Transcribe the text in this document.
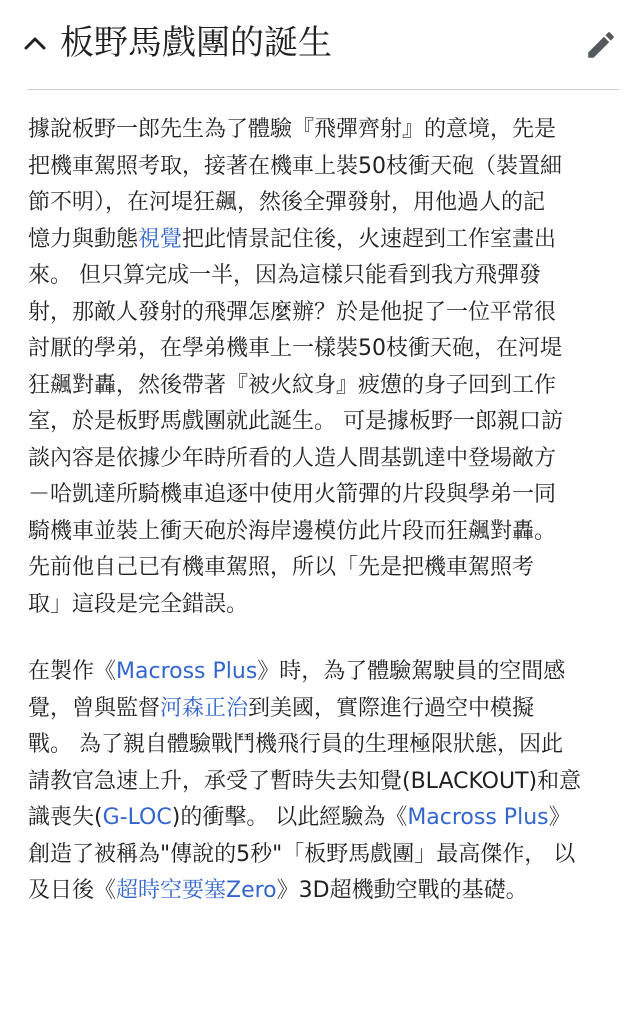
板野馬戲團的誕生
據說板野一郎先生為了體驗『飛彈齊射』的意境，先是
把機車駕照考取，接著在機車上裝50枝衝天砲（裝置細
節不明），在河堤狂飆，然後全彈發射，用他過人的記
憶力與動態視覺把此情景記住後，火速趕到工作室畫出
來。 但只算完成一半，因為這樣只能看到我方飛彈發
射，那敵人發射的飛彈怎麼辦？於是他捉了一位平常很
討厭的學弟，在學弟機車上一樣裝50枝衝天砲，在河堤
狂飆對轟，然後帶著『被火紋身』疲憊的身子回到工作
室，於是板野馬戲團就此誕生。 可是據板野一郎親口訪
談內容是依據少年時所看的人造人間基凱達中登場敵方
－哈凱達所騎機車追逐中使用火箭彈的片段與學弟一同
騎機車並裝上衝天砲於海岸邊模仿此片段而狂飆對轟。
先前他自己已有機車駕照，所以「先是把機車駕照考
取」這段是完全錯誤。
在製作《Macross Plus》時，為了體驗駕駛員的空間感
覺，曾與監督河森正治到美國，實際進行過空中模擬
戰。 為了親自體驗戰鬥機飛行員的生理極限狀態，因此
請教官急速上升，承受了暫時失去知覺(BLACKOUT)和意
識喪失(G-LOC)的衝擊。 以此經驗為《Macross Plus》
創造了被稱為"傳說的5秒"「板野馬戲團」最高傑作， 以
及日後《超時空要塞Zero》3D超機動空戰的基礎。
